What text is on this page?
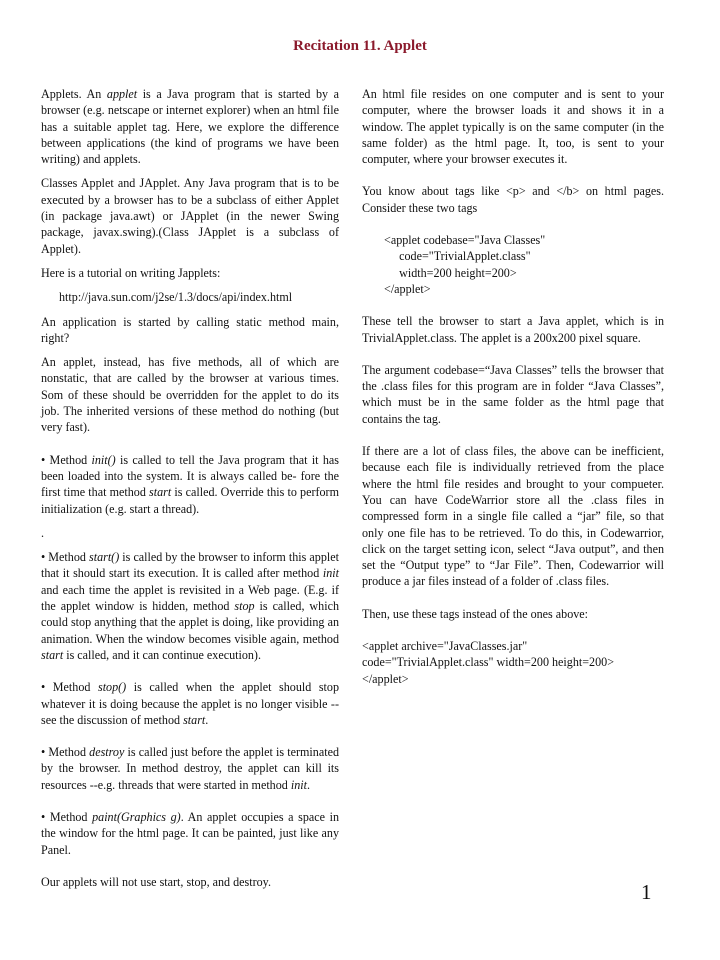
Recitation 11. Applet

Applets. An applet is a Java program that is started by a browser (e.g. netscape or internet explorer) when an html file has a suitable applet tag. Here, we explore the difference between applications (the kind of programs we have been writing) and applets.

Classes Applet and JApplet. Any Java program that is to be executed by a browser has to be a subclass of either Applet (in package java.awt) or JApplet (in the newer Swing package, javax.swing).(Class JApplet is a subclass of Applet).

Here is a tutorial on writing Japplets:

http://java.sun.com/j2se/1.3/docs/api/index.html

An application is started by calling static method main, right?

An applet, instead, has five methods, all of which are nonstatic, that are called by the browser at various times. Som of these should be overridden for the applet to do its job. The inherited versions of these method do nothing (but very fast).

• Method init() is called to tell the Java program that it has been loaded into the system. It is always called be- fore the first time that method start is called. Override this to perform initialization (e.g. start a thread).

.

• Method start() is called by the browser to inform this applet that it should start its execution. It is called after method init and each time the applet is revisited in a Web page. (E.g. if the applet window is hidden, method stop is called, which could stop anything that the applet is doing, like providing an animation. When the window becomes visible again, method start is called, and it can continue execution).

• Method stop() is called when the applet should stop whatever it is doing because the applet is no longer visible --see the discussion of method start.

• Method destroy is called just before the applet is terminated by the browser. In method destroy, the applet can kill its resources --e.g. threads that were started in method init.

• Method paint(Graphics g). An applet occupies a space in the window for the html page. It can be painted, just like any Panel.

Our applets will not use start, stop, and destroy.

An html file resides on one computer and is sent to your computer, where the browser loads it and shows it in a window. The applet typically is on the same computer (in the same folder) as the html page. It, too, is sent to your computer, where your browser executes it.

You know about tags like <p> and </b> on html pages. Consider these two tags

<applet codebase="Java Classes"
code="TrivialApplet.class"
width=200 height=200>
</applet>

These tell the browser to start a Java applet, which is in TrivialApplet.class. The applet is a 200x200 pixel square.

The argument codebase=“Java Classes” tells the browser that the .class files for this program are in folder “Java Classes”, which must be in the same folder as the html page that contains the tag.

If there are a lot of class files, the above can be inefficient, because each file is individually retrieved from the place where the html file resides and brought to your compueter. You can have CodeWarrior store all the .class files in compressed form in a single file called a “jar” file, so that only one file has to be retrieved. To do this, in Codewarrior, click on the target setting icon, select “Java output”, and then set the “Output type” to “Jar File”. Then, Codewarrior will produce a jar files instead of a folder of .class files.

Then, use these tags instead of the ones above:

<applet archive="JavaClasses.jar"
code="TrivialApplet.class" width=200 height=200>
</applet>
1
